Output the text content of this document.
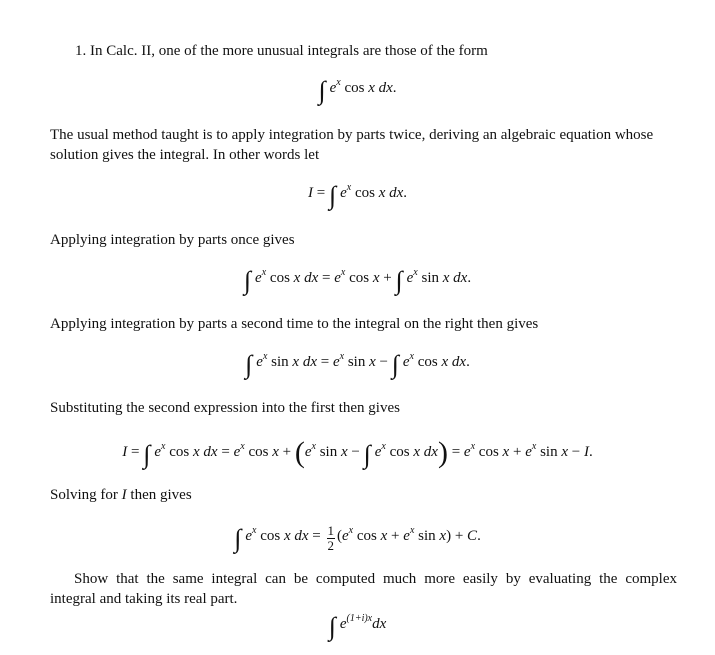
1. In Calc. II, one of the more unusual integrals are those of the form
∫ $e^x$ cos x dx.
The usual method taught is to apply integration by parts twice, deriving an algebraic equation whose
solution gives the integral. In other words let
I = ∫ $e^x$ cos x dx.
Applying integration by parts once gives
∫ $e^x$ cos x dx = $e^x$ cos x + ∫ $e^x$ sin x dx.
Applying integration by parts a second time to the integral on the right then gives
∫ $e^x$ sin x dx = $e^x$ sin x − ∫ $e^x$ cos x dx.
Substituting the second expression into the first then gives
I = ∫ $e^x$ cos x dx = $e^x$ $\cos x + (e^x$ sin x − ∫ $e^x$ cos x $dx) = e^x$ $\cos x + e^x$ sin x − I.
Solving for I then gives
∫ $e^x$ cos x dx = $\frac{1}{2} (e^x$ $\cos x + e^x$ sin x) + C.
Show that the same integral can be computed much more easily by evaluating the complex
integral and taking its real part.
∫ $e^{(1+i)x}dx$
